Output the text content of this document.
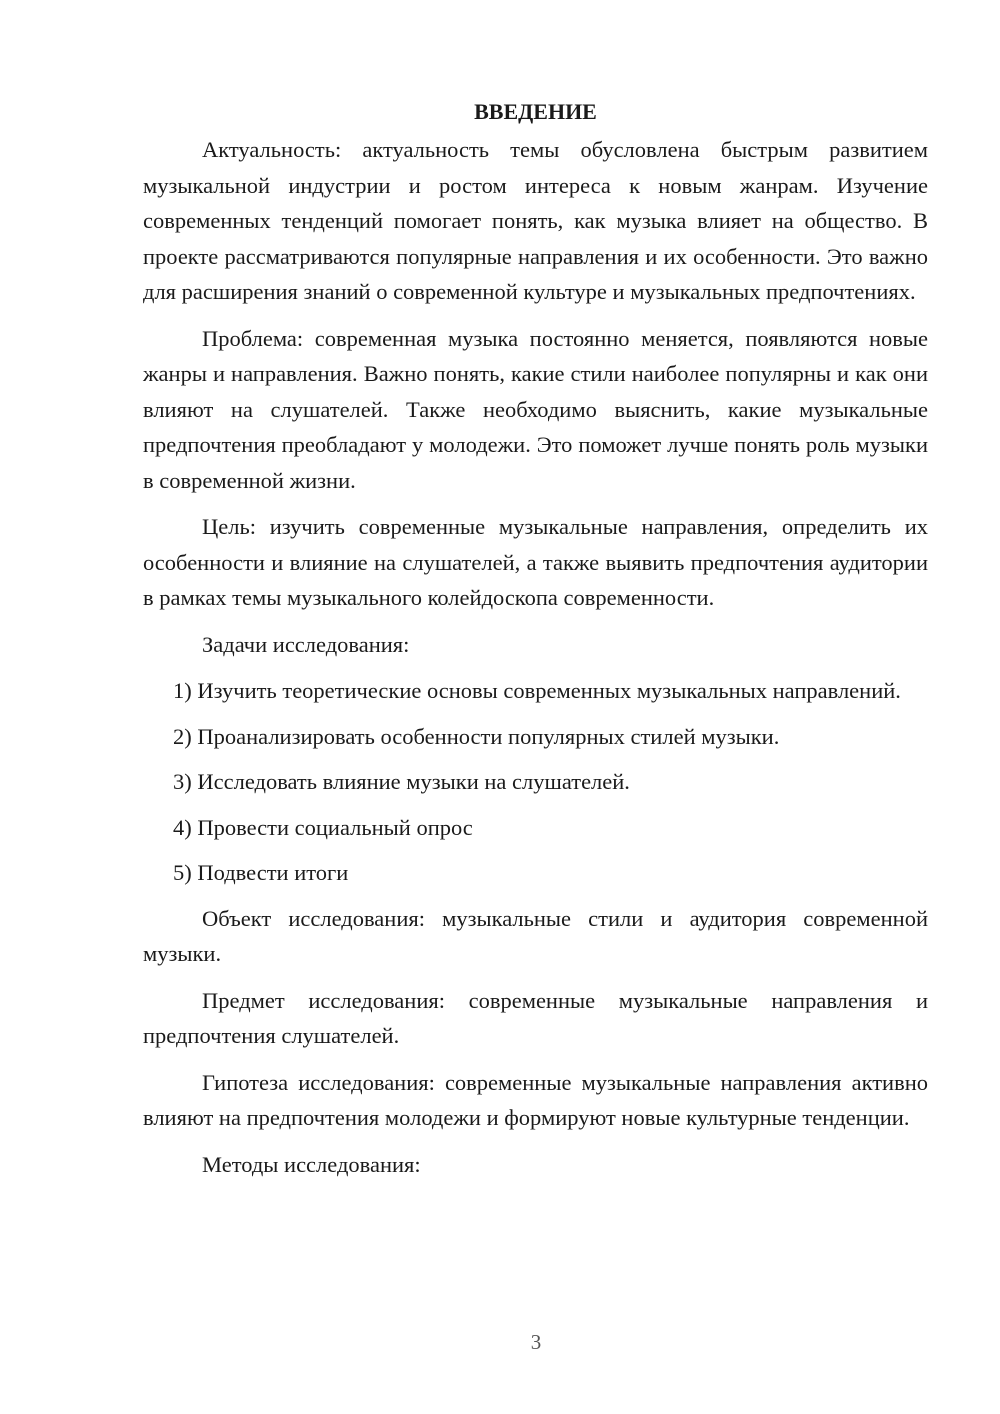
ВВЕДЕНИЕ

Актуальность: актуальность темы обусловлена быстрым развитием музыкальной индустрии и ростом интереса к новым жанрам. Изучение современных тенденций помогает понять, как музыка влияет на общество. В проекте рассматриваются популярные направления и их особенности. Это важно для расширения знаний о современной культуре и музыкальных предпочтениях.

Проблема: современная музыка постоянно меняется, появляются новые жанры и направления. Важно понять, какие стили наиболее популярны и как они влияют на слушателей. Также необходимо выяснить, какие музыкальные предпочтения преобладают у молодежи. Это поможет лучше понять роль музыки в современной жизни.

Цель: изучить современные музыкальные направления, определить их особенности и влияние на слушателей, а также выявить предпочтения аудитории в рамках темы музыкального колейдоскопа современности.

Задачи исследования:

1) Изучить теоретические основы современных музыкальных направлений.

2) Проанализировать особенности популярных стилей музыки.

3) Исследовать влияние музыки на слушателей.

4) Провести социальный опрос

5) Подвести итоги

Объект исследования: музыкальные стили и аудитория современной музыки.

Предмет исследования: современные музыкальные направления и предпочтения слушателей.

Гипотеза исследования: современные музыкальные направления активно влияют на предпочтения молодежи и формируют новые культурные тенденции.

Методы исследования:

3
